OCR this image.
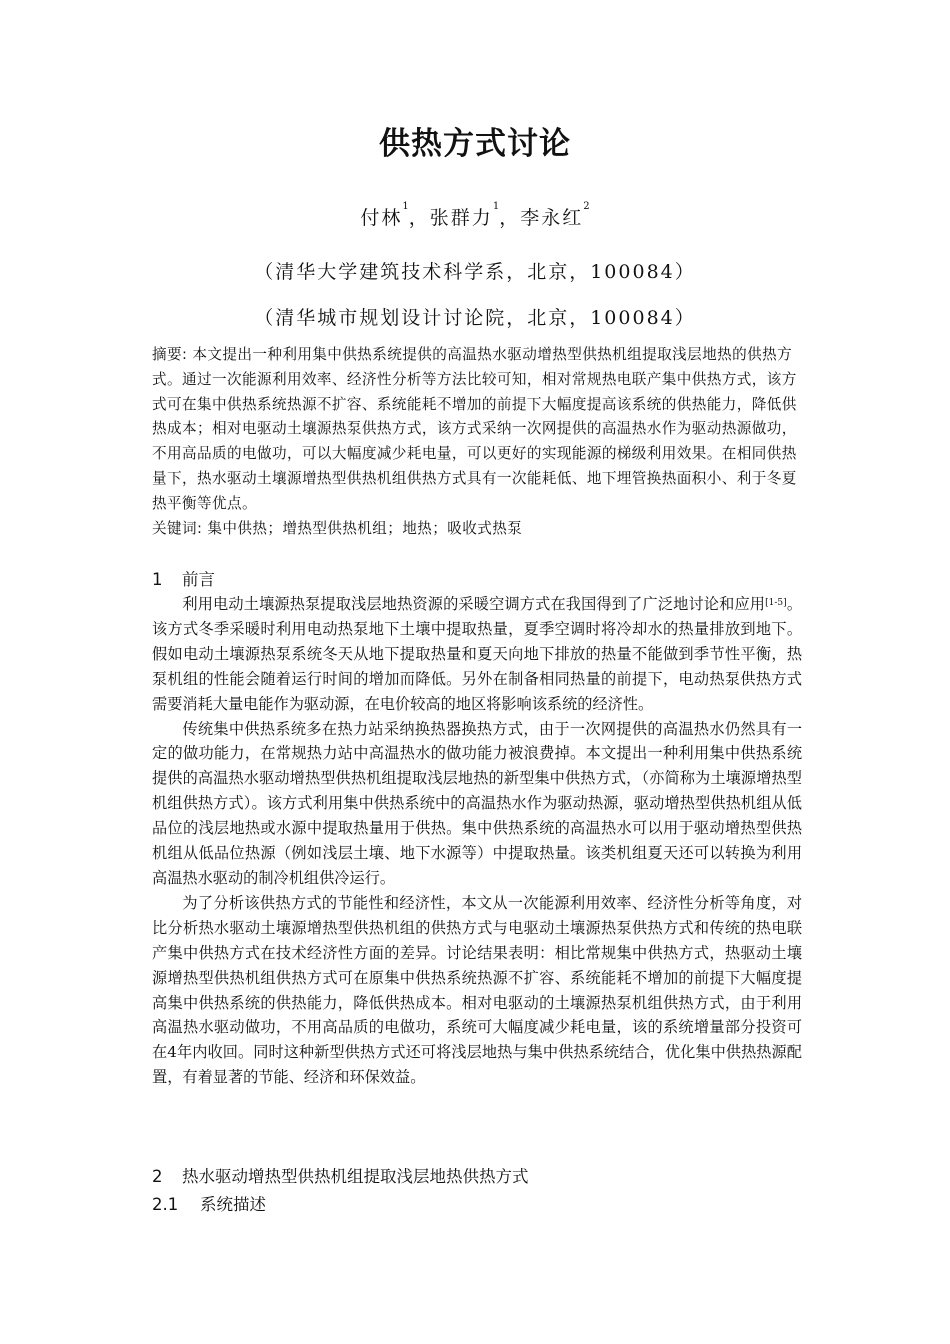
供热方式讨论
付林$^1$，张群力$^1$，李永红$^2$
（清华大学建筑技术科学系，北京，100084）
（清华城市规划设计讨论院，北京，100084）
摘要: 本文提出一种利用集中供热系统提供的高温热水驱动增热型供热机组提取浅层地热的供热方式。通过一次能源利用效率、经济性分析等方法比较可知，相对常规热电联产集中供热方式，该方式可在集中供热系统热源不扩容、系统能耗不增加的前提下大幅度提高该系统的供热能力，降低供热成本；相对电驱动土壤源热泵供热方式，该方式采纳一次网提供的高温热水作为驱动热源做功，不用高品质的电做功，可以大幅度减少耗电量，可以更好的实现能源的梯级利用效果。在相同供热量下，热水驱动土壤源增热型供热机组供热方式具有一次能耗低、地下埋管换热面积小、利于冬夏热平衡等优点。
关键词: 集中供热；增热型供热机组；地热；吸收式热泵
1 前言

利用电动土壤源热泵提取浅层地热资源的采暖空调方式在我国得到了广泛地讨论和应用[1-5]。该方式冬季采暖时利用电动热泵地下土壤中提取热量，夏季空调时将冷却水的热量排放到地下。假如电动土壤源热泵系统冬天从地下提取热量和夏天向地下排放的热量不能做到季节性平衡，热泵机组的性能会随着运行时间的增加而降低。另外在制备相同热量的前提下，电动热泵供热方式需要消耗大量电能作为驱动源，在电价较高的地区将影响该系统的经济性。

传统集中供热系统多在热力站采纳换热器换热方式，由于一次网提供的高温热水仍然具有一定的做功能力，在常规热力站中高温热水的做功能力被浪费掉。本文提出一种利用集中供热系统提供的高温热水驱动增热型供热机组提取浅层地热的新型集中供热方式，（亦简称为土壤源增热型机组供热方式）。该方式利用集中供热系统中的高温热水作为驱动热源，驱动增热型供热机组从低品位的浅层地热或水源中提取热量用于供热。集中供热系统的高温热水可以用于驱动增热型供热机组从低品位热源（例如浅层土壤、地下水源等）中提取热量。该类机组夏天还可以转换为利用高温热水驱动的制冷机组供冷运行。

为了分析该供热方式的节能性和经济性，本文从一次能源利用效率、经济性分析等角度，对比分析热水驱动土壤源增热型供热机组的供热方式与电驱动土壤源热泵供热方式和传统的热电联产集中供热方式在技术经济性方面的差异。讨论结果表明：相比常规集中供热方式，热驱动土壤源增热型供热机组供热方式可在原集中供热系统热源不扩容、系统能耗不增加的前提下大幅度提高集中供热系统的供热能力，降低供热成本。相对电驱动的土壤源热泵机组供热方式，由于利用高温热水驱动做功，不用高品质的电做功，系统可大幅度减少耗电量，该的系统增量部分投资可在4年内收回。同时这种新型供热方式还可将浅层地热与集中供热系统结合，优化集中供热热源配置，有着显著的节能、经济和环保效益。

2 热水驱动增热型供热机组提取浅层地热供热方式
2.1 系统描述
